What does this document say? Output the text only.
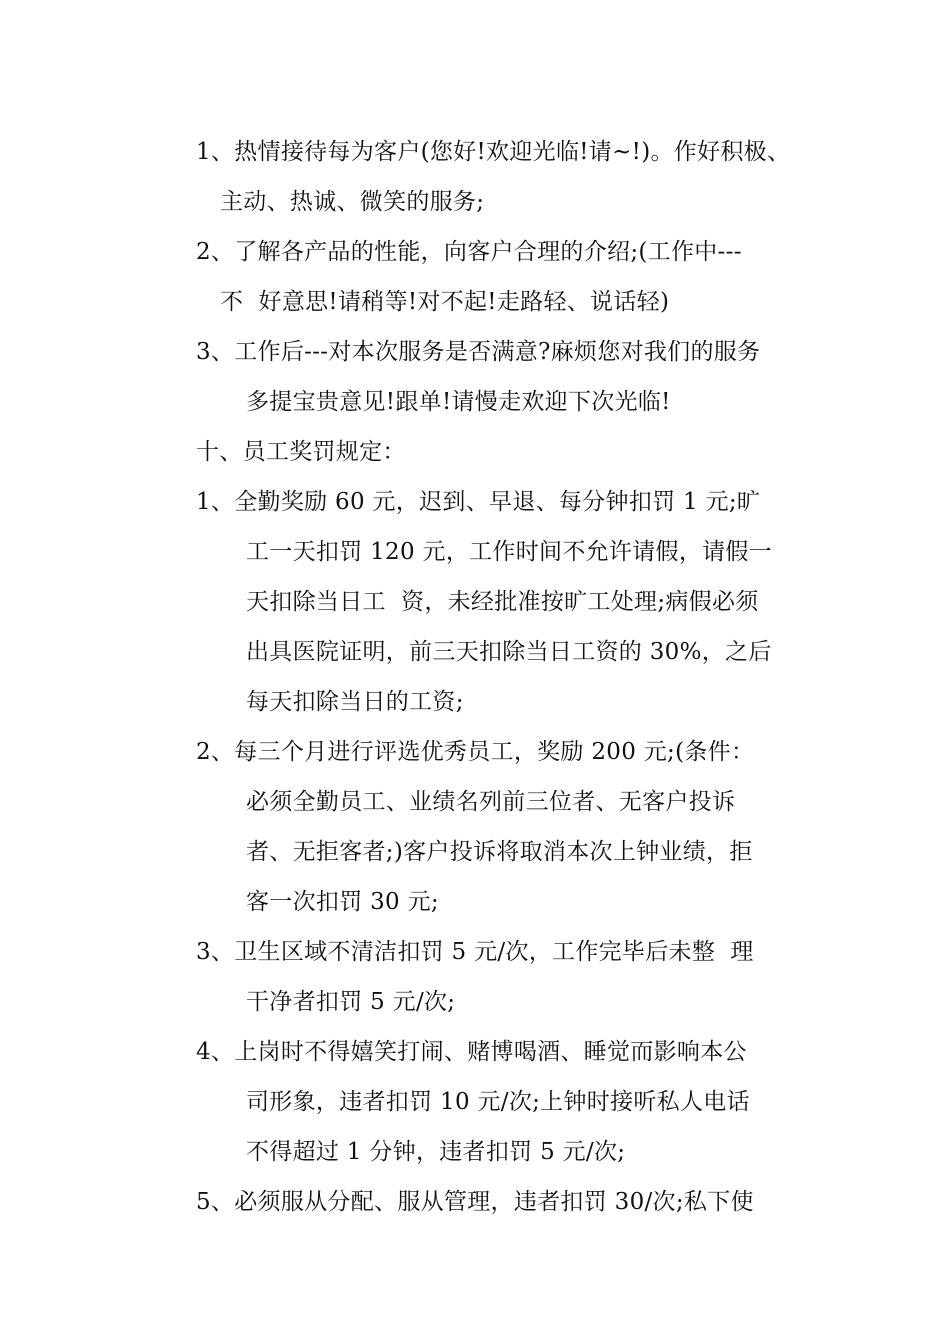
1、热情接待每为客户(您好!欢迎光临!请~!)。作好积极、
主动、热诚、微笑的服务;
2、了解各产品的性能，向客户合理的介绍;(工作中---
不  好意思!请稍等!对不起!走路轻、说话轻)
3、工作后---对本次服务是否满意?麻烦您对我们的服务
多提宝贵意见!跟单!请慢走欢迎下次光临!
十、员工奖罚规定：
1、全勤奖励 60 元，迟到、早退、每分钟扣罚 1 元;旷
工一天扣罚 120 元，工作时间不允许请假，请假一
天扣除当日工  资，未经批准按旷工处理;病假必须
出具医院证明，前三天扣除当日工资的 30%，之后
每天扣除当日的工资;
2、每三个月进行评选优秀员工，奖励 200 元;(条件：
必须全勤员工、业绩名列前三位者、无客户投诉
者、无拒客者;)客户投诉将取消本次上钟业绩，拒
客一次扣罚 30 元;
3、卫生区域不清洁扣罚 5 元/次，工作完毕后未整  理
干净者扣罚 5 元/次;
4、上岗时不得嬉笑打闹、赌博喝酒、睡觉而影响本公
司形象，违者扣罚 10 元/次;上钟时接听私人电话
不得超过 1 分钟，违者扣罚 5 元/次;
5、必须服从分配、服从管理，违者扣罚 30/次;私下使
